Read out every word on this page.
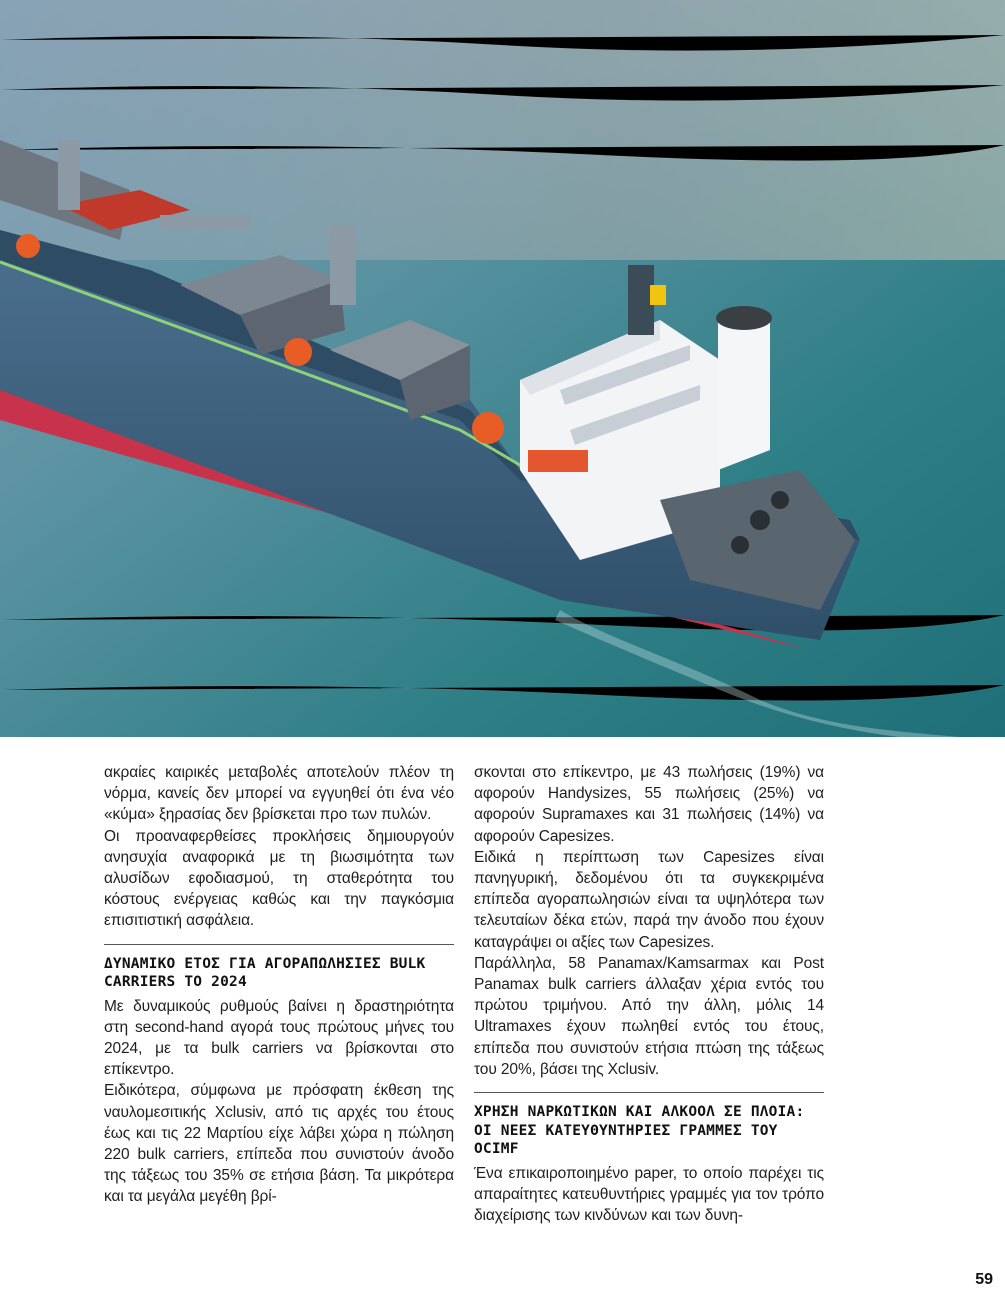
ακραίες καιρικές μεταβολές αποτελούν πλέον τη νόρμα, κανείς δεν μπορεί να εγγυηθεί ότι ένα νέο «κύμα» ξηρασίας δεν βρίσκεται προ των πυλών.

Οι προαναφερθείσες προκλήσεις δημιουργούν ανησυχία αναφορικά με τη βιωσιμότητα των αλυσίδων εφοδιασμού, τη σταθερότητα του κόστους ενέργειας καθώς και την παγκόσμια επισιτιστική ασφάλεια.

ΔΥΝΑΜΙΚΟ ΕΤΟΣ ΓΙΑ ΑΓΟΡΑΠΩΛΗΣΙΕΣ BULK CARRIERS ΤΟ 2024

Με δυναμικούς ρυθμούς βαίνει η δραστηριότητα στη second-hand αγορά τους πρώτους μήνες του 2024, με τα bulk carriers να βρίσκονται στο επίκεντρο.

Ειδικότερα, σύμφωνα με πρόσφατη έκθεση της ναυλομεσιτικής Xclusiv, από τις αρχές του έτους έως και τις 22 Μαρτίου είχε λάβει χώρα η πώληση 220 bulk carriers, επίπεδα που συνιστούν άνοδο της τάξεως του 35% σε ετήσια βάση. Τα μικρότερα και τα μεγάλα μεγέθη βρί-

σκονται στο επίκεντρο, με 43 πωλήσεις (19%) να αφορούν Handysizes, 55 πωλήσεις (25%) να αφορούν Supramaxes και 31 πωλήσεις (14%) να αφορούν Capesizes.

Ειδικά η περίπτωση των Capesizes είναι πανηγυρική, δεδομένου ότι τα συγκεκριμένα επίπεδα αγοραπωλησιών είναι τα υψηλότερα των τελευταίων δέκα ετών, παρά την άνοδο που έχουν καταγράψει οι αξίες των Capesizes.

Παράλληλα, 58 Panamax/Kamsarmax και Post Panamax bulk carriers άλλαξαν χέρια εντός του πρώτου τριμήνου. Από την άλλη, μόλις 14 Ultramaxes έχουν πωληθεί εντός του έτους, επίπεδα που συνιστούν ετήσια πτώση της τάξεως του 20%, βάσει της Xclusiv.

ΧΡΗΣΗ ΝΑΡΚΩΤΙΚΩΝ ΚΑΙ ΑΛΚΟΟΛ ΣΕ ΠΛΟΙΑ: ΟΙ ΝΕΕΣ ΚΑΤΕΥΘΥΝΤΗΡΙΕΣ ΓΡΑΜΜΕΣ ΤΟΥ OCIMF

Ένα επικαιροποιημένο paper, το οποίο παρέχει τις απαραίτητες κατευθυντήριες γραμμές για τον τρόπο διαχείρισης των κινδύνων και των δυνη-

59
